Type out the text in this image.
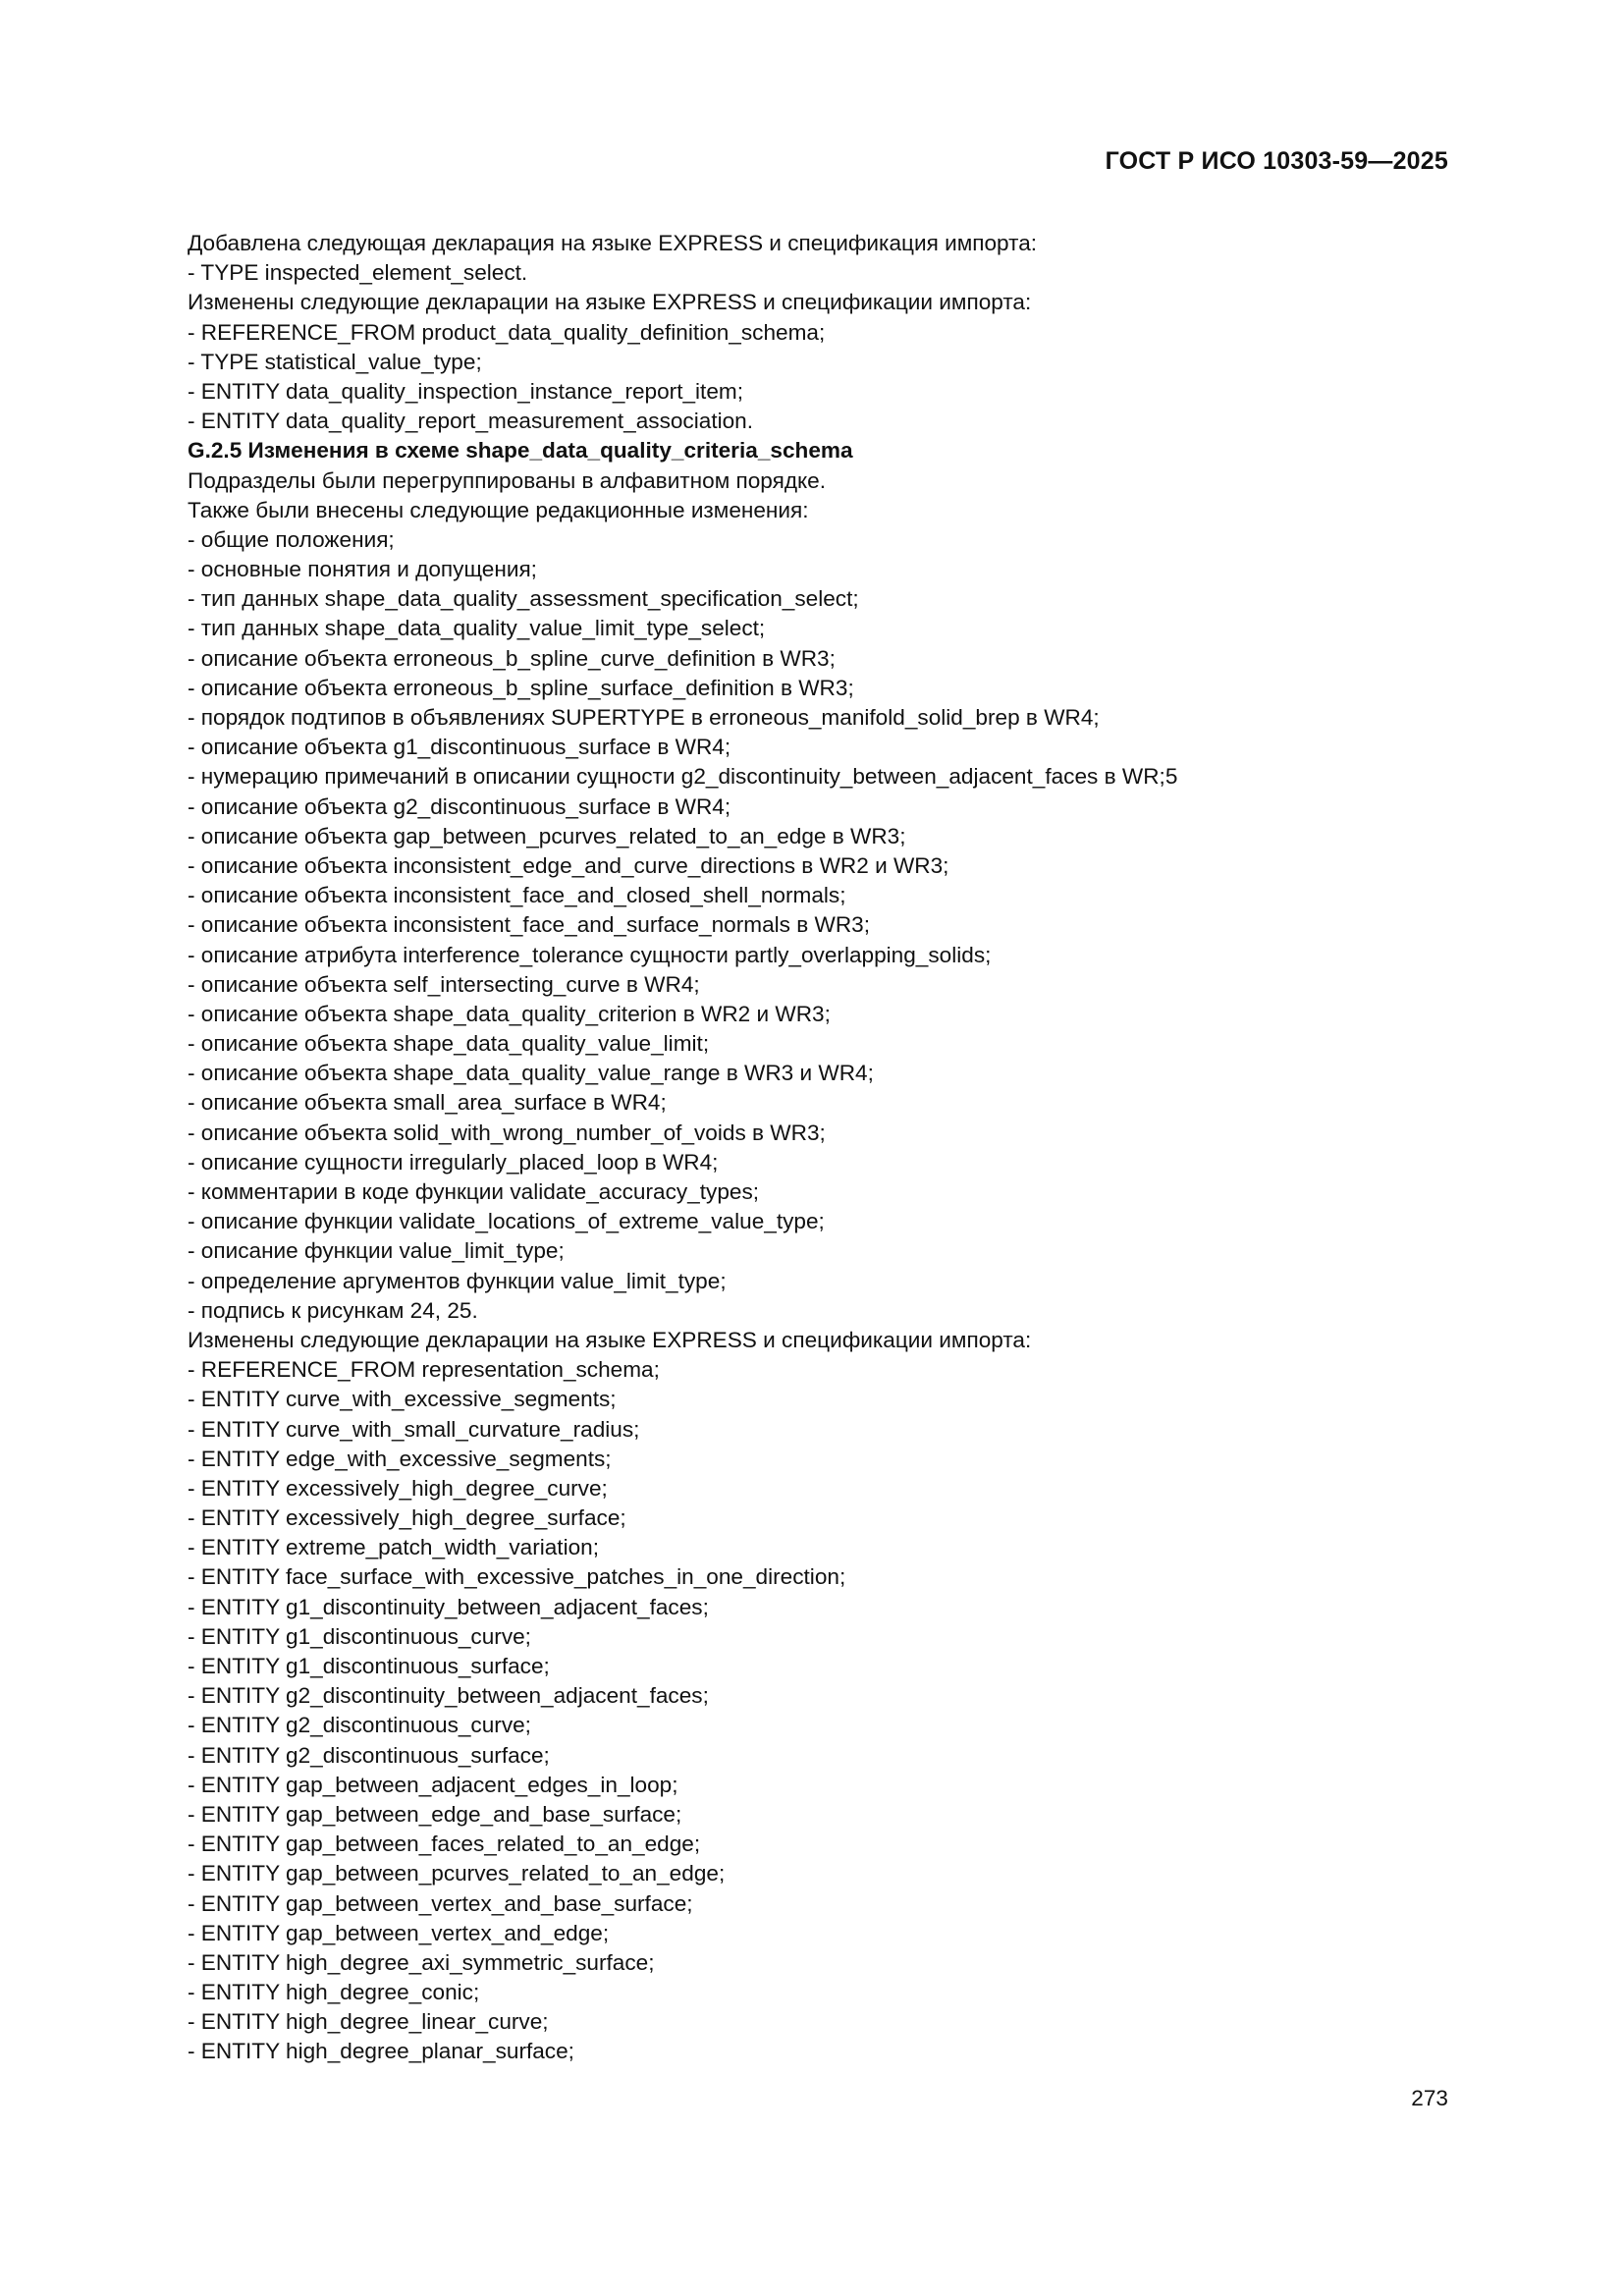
ГОСТ Р ИСО 10303-59—2025
Добавлена следующая декларация на языке EXPRESS и спецификация импорта:
- TYPE inspected_element_select.
Изменены следующие декларации на языке EXPRESS и спецификации импорта:
- REFERENCE_FROM product_data_quality_definition_schema;
- TYPE statistical_value_type;
- ENTITY data_quality_inspection_instance_report_item;
- ENTITY data_quality_report_measurement_association.
G.2.5 Изменения в схеме shape_data_quality_criteria_schema
Подразделы были перегруппированы в алфавитном порядке.
Также были внесены следующие редакционные изменения:
- общие положения;
- основные понятия и допущения;
- тип данных shape_data_quality_assessment_specification_select;
- тип данных shape_data_quality_value_limit_type_select;
- описание объекта erroneous_b_spline_curve_definition в WR3;
- описание объекта erroneous_b_spline_surface_definition в WR3;
- порядок подтипов в объявлениях SUPERTYPE в erroneous_manifold_solid_brep в WR4;
- описание объекта g1_discontinuous_surface в WR4;
- нумерацию примечаний в описании сущности g2_discontinuity_between_adjacent_faces в WR;5
- описание объекта g2_discontinuous_surface в WR4;
- описание объекта gap_between_pcurves_related_to_an_edge в WR3;
- описание объекта inconsistent_edge_and_curve_directions в WR2 и WR3;
- описание объекта inconsistent_face_and_closed_shell_normals;
- описание объекта inconsistent_face_and_surface_normals в WR3;
- описание атрибута interference_tolerance сущности partly_overlapping_solids;
- описание объекта self_intersecting_curve в WR4;
- описание объекта shape_data_quality_criterion в WR2 и WR3;
- описание объекта shape_data_quality_value_limit;
- описание объекта shape_data_quality_value_range в WR3 и WR4;
- описание объекта small_area_surface в WR4;
- описание объекта solid_with_wrong_number_of_voids в WR3;
- описание сущности irregularly_placed_loop в WR4;
- комментарии в коде функции validate_accuracy_types;
- описание функции validate_locations_of_extreme_value_type;
- описание функции value_limit_type;
- определение аргументов функции value_limit_type;
- подпись к рисункам 24, 25.
Изменены следующие декларации на языке EXPRESS и спецификации импорта:
- REFERENCE_FROM representation_schema;
- ENTITY curve_with_excessive_segments;
- ENTITY curve_with_small_curvature_radius;
- ENTITY edge_with_excessive_segments;
- ENTITY excessively_high_degree_curve;
- ENTITY excessively_high_degree_surface;
- ENTITY extreme_patch_width_variation;
- ENTITY face_surface_with_excessive_patches_in_one_direction;
- ENTITY g1_discontinuity_between_adjacent_faces;
- ENTITY g1_discontinuous_curve;
- ENTITY g1_discontinuous_surface;
- ENTITY g2_discontinuity_between_adjacent_faces;
- ENTITY g2_discontinuous_curve;
- ENTITY g2_discontinuous_surface;
- ENTITY gap_between_adjacent_edges_in_loop;
- ENTITY gap_between_edge_and_base_surface;
- ENTITY gap_between_faces_related_to_an_edge;
- ENTITY gap_between_pcurves_related_to_an_edge;
- ENTITY gap_between_vertex_and_base_surface;
- ENTITY gap_between_vertex_and_edge;
- ENTITY high_degree_axi_symmetric_surface;
- ENTITY high_degree_conic;
- ENTITY high_degree_linear_curve;
- ENTITY high_degree_planar_surface;
273
